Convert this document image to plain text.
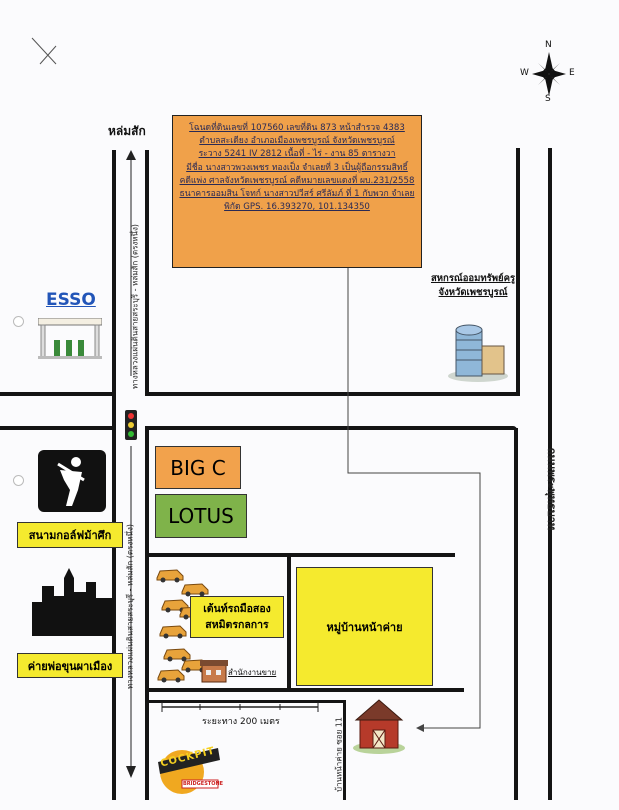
N
S
E
W
หล่มสัก
ทางหลวงแผ่นดินสายสระบุรี - หล่มสัก (ตรงหนึ่ง)
ทางหลวงแผ่นดินสายสระบุรี - หล่มสัก (ตรงหนึ่ง)
ถนนพระพุทธบาท
บ้านหน้าค่าย ซอย 11

โฉนดที่ดินเลขที่ 107560 เลขที่ดิน 873 หน้าสำรวจ 4383

ตำบลสะเดียง อำเภอเมืองเพชรบูรณ์ จังหวัดเพชรบูรณ์

ระวาง 5241 IV 2812 เนื้อที่ - ไร่ - งาน 85 ตารางวา

มีชื่อ นางสาวพวงเพชร ทองเป็ง จำเลยที่ 3 เป็นผู้ถือกรรมสิทธิ์

คดีแพ่ง ศาลจังหวัดเพชรบูรณ์ คดีหมายเลขแดงที่ ผบ.231/2558

ธนาคารออมสิน โจทก์ นางสาวปวีสร์ ศรีลัมภ์ ที่ 1 กับพวก จำเลย

พิกัด GPS. 16.393270, 101.134350

ESSO
สหกรณ์ออมทรัพย์ครู
จังหวัดเพชรบูรณ์
BIG C
LOTUS
สนามกอล์ฟม้าศึก
ค่ายพ่อขุนผาเมือง
เต้นท์รถมือสอง
สหมิตรกลการ
สำนักงานขาย
หมู่บ้านหน้าค่าย
ระยะทาง 200 เมตร
COCKPIT
BRIDGESTONE
